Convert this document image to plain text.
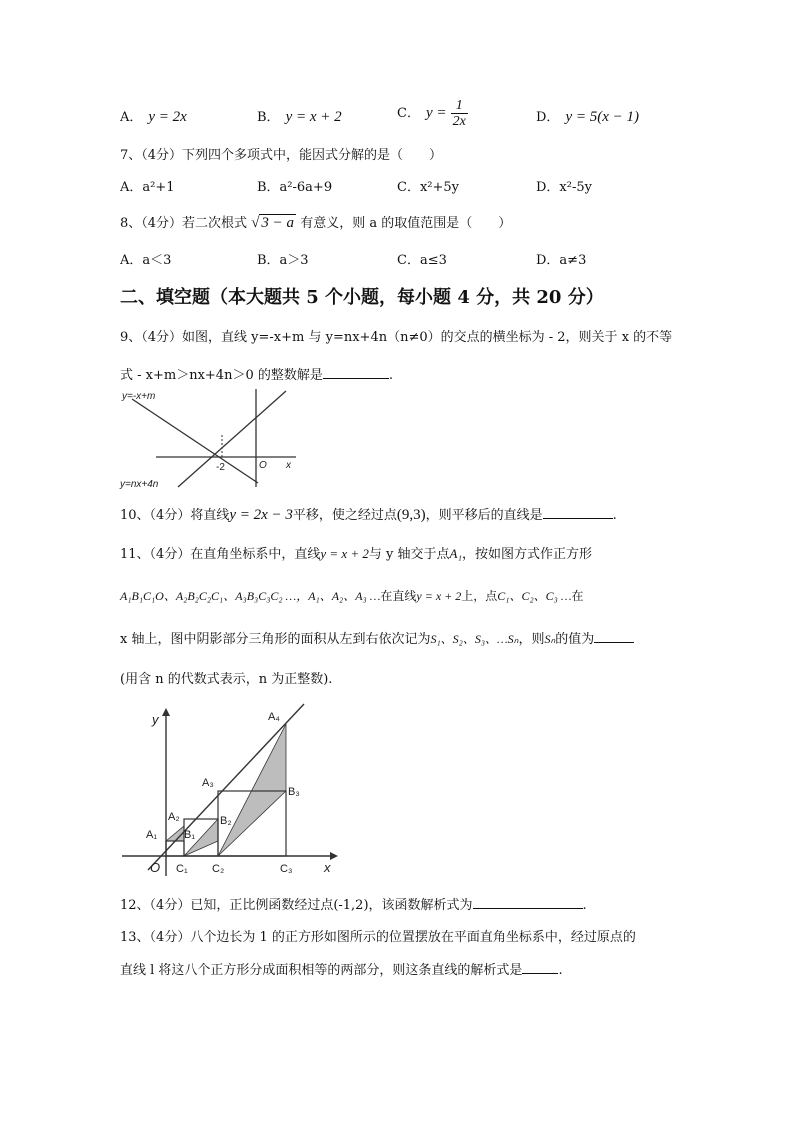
A． y = 2x	B． y = x + 2	C． $y = \frac{1}{2x}$	D． y = 5(x − 1)
7、（4分）下列四个多项式中，能因式分解的是（　　）
A．a²+1	B．a²-6a+9	C．x²+5y	D．x²-5y
8、（4分）若二次根式 √ 3 − a 有意义，则 a 的取值范围是（　　）
A．a＜3	B．a＞3	C．a≤3	D．a≠3
二、填空题（本大题共 5 个小题，每小题 4 分，共 20 分）
9、（4分）如图，直线 y=-x+m 与 y=nx+4n（n≠0）的交点的横坐标为 - 2，则关于 x 的不等
式 - x+m＞nx+4n＞0 的整数解是	.
y=-x+m
y=nx+4n
-2	O x
10、（4分）将直线y = 2x − 3平移，使之经过点(9,3)，则平移后的直线是	.
11、（4分）在直角坐标系中，直线y = x + 2与 y 轴交于点A₁，按如图方式作正方形
A₁B₁C₁O、A₂B₂C₂C₁、A₃B₃C₃C₂ …，A₁、A₂、A₃ …在直线y = x + 2上，点C₁、C₂、C₃ …在
x 轴上，图中阴影部分三角形的面积从左到右依次记为S₁、S₂、S₃、…Sₙ，则Sₙ的值为
(用含 n 的代数式表示，n 为正整数).
y
x
O
A₁
A₂
A₃
A₄
B₁
B₂
B₃
C₁ C₂	C₃
12、（4分）已知，正比例函数经过点(-1,2)，该函数解析式为	.
13、（4分）八个边长为 1 的正方形如图所示的位置摆放在平面直角坐标系中，经过原点的
直线 l 将这八个正方形分成面积相等的两部分，则这条直线的解析式是	.
